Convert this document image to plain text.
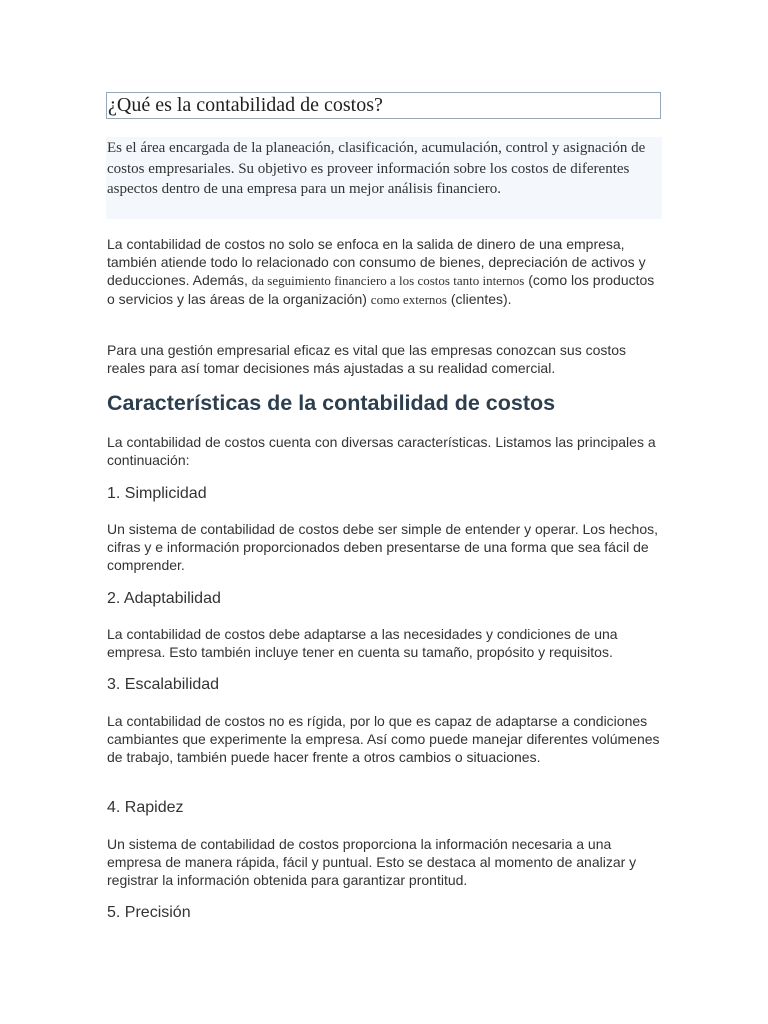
¿Qué es la contabilidad de costos?
Es el área encargada de la planeación, clasificación, acumulación, control y asignación de costos empresariales. Su objetivo es proveer información sobre los costos de diferentes aspectos dentro de una empresa para un mejor análisis financiero.

La contabilidad de costos no solo se enfoca en la salida de dinero de una empresa, también atiende todo lo relacionado con consumo de bienes, depreciación de activos y deducciones. Además, da seguimiento financiero a los costos tanto internos (como los productos o servicios y las áreas de la organización) como externos (clientes).

Para una gestión empresarial eficaz es vital que las empresas conozcan sus costos reales para así tomar decisiones más ajustadas a su realidad comercial.

Características de la contabilidad de costos

La contabilidad de costos cuenta con diversas características. Listamos las principales a continuación:

1. Simplicidad

Un sistema de contabilidad de costos debe ser simple de entender y operar. Los hechos, cifras y e información proporcionados deben presentarse de una forma que sea fácil de comprender.

2. Adaptabilidad

La contabilidad de costos debe adaptarse a las necesidades y condiciones de una empresa. Esto también incluye tener en cuenta su tamaño, propósito y requisitos.

3. Escalabilidad

La contabilidad de costos no es rígida, por lo que es capaz de adaptarse a condiciones cambiantes que experimente la empresa. Así como puede manejar diferentes volúmenes de trabajo, también puede hacer frente a otros cambios o situaciones.

4. Rapidez

Un sistema de contabilidad de costos proporciona la información necesaria a una empresa de manera rápida, fácil y puntual. Esto se destaca al momento de analizar y registrar la información obtenida para garantizar prontitud.

5. Precisión
